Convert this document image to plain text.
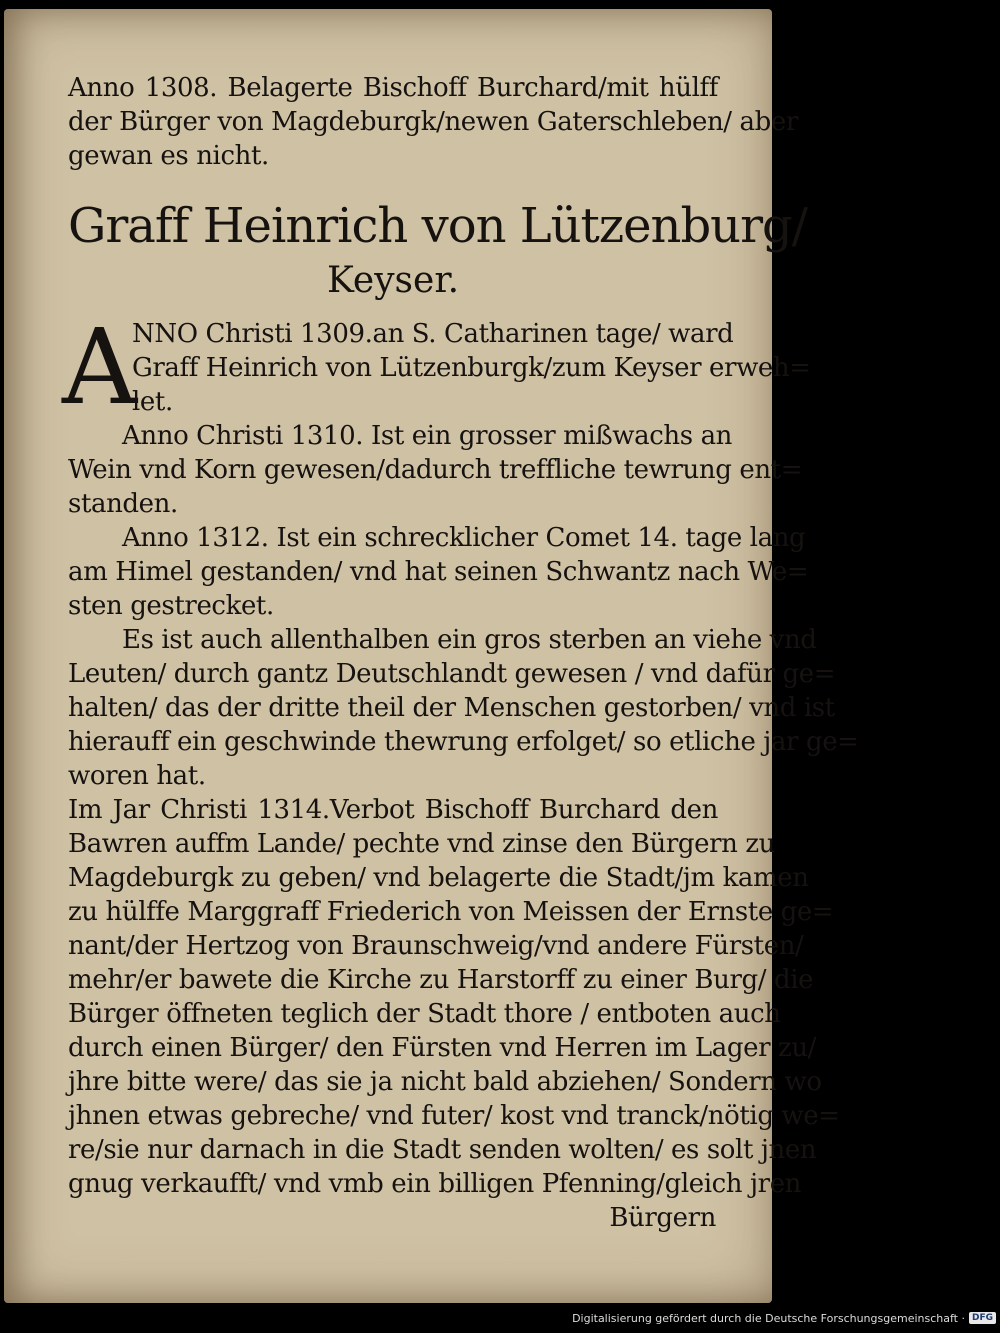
Anno 1308. Belagerte Bischoff Burchard/mit hülff
der Bürger von Magdeburgk/newen Gaterschleben/ aber
gewan es nicht.
Graff Heinrich von Lützenburg/
Keyser.
A
NNO Christi 1309.an S. Catharinen tage/ ward
Graff Heinrich von Lützenburgk/zum Keyser erweh=
let.
Anno Christi 1310. Ist ein grosser mißwachs an
Wein vnd Korn gewesen/dadurch treffliche tewrung ent=
standen.
Anno 1312. Ist ein schrecklicher Comet 14. tage lang
am Himel gestanden/ vnd hat seinen Schwantz nach We=
sten gestrecket.
Es ist auch allenthalben ein gros sterben an viehe vnd
Leuten/ durch gantz Deutschlandt gewesen / vnd dafür ge=
halten/ das der dritte theil der Menschen gestorben/ vnd ist
hierauff ein geschwinde thewrung erfolget/ so etliche jar ge=
woren hat.
Im Jar Christi 1314.Verbot Bischoff Burchard den
Bawren auffm Lande/ pechte vnd zinse den Bürgern zu
Magdeburgk zu geben/ vnd belagerte die Stadt/jm kamen
zu hülffe Marggraff Friederich von Meissen der Ernste ge=
nant/der Hertzog von Braunschweig/vnd andere Fürsten/
mehr/er bawete die Kirche zu Harstorff zu einer Burg/ die
Bürger öffneten teglich der Stadt thore / entboten auch
durch einen Bürger/ den Fürsten vnd Herren im Lager zu/
jhre bitte were/ das sie ja nicht bald abziehen/ Sondern wo
jhnen etwas gebreche/ vnd futer/ kost vnd tranck/nötig we=
re/sie nur darnach in die Stadt senden wolten/ es solt jnen
gnug verkaufft/ vnd vmb ein billigen Pfenning/gleich jren
Bürgern
Digitalisierung gefördert durch die Deutsche Forschungsgemeinschaft · DFG
